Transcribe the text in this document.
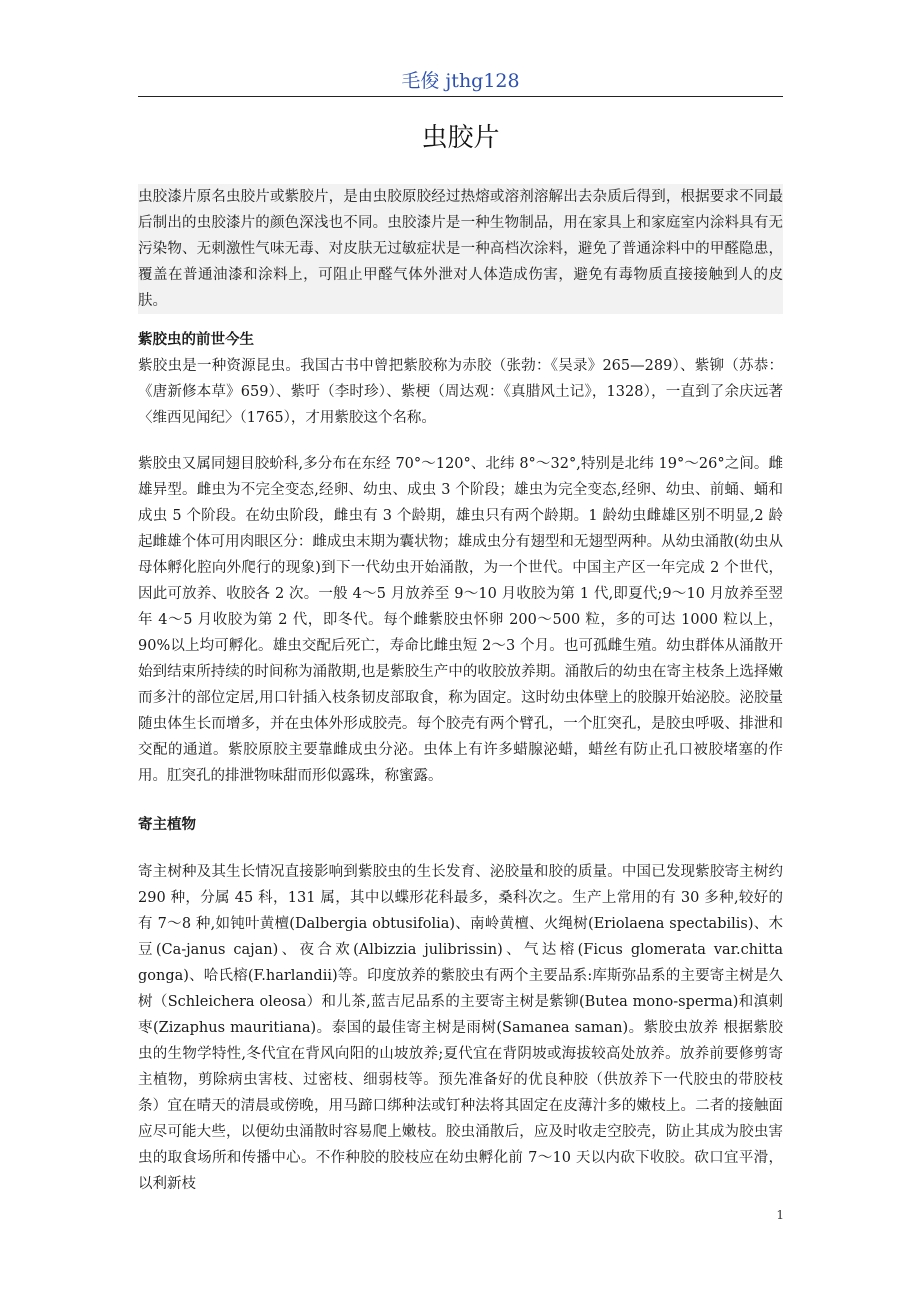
毛俊 jthg128
虫胶片

虫胶漆片原名虫胶片或紫胶片，是由虫胶原胶经过热熔或溶剂溶解出去杂质后得到，根据要求不同最后制出的虫胶漆片的颜色深浅也不同。虫胶漆片是一种生物制品，用在家具上和家庭室内涂料具有无污染物、无刺激性气味无毒、对皮肤无过敏症状是一种高档次涂料，避免了普通涂料中的甲醛隐患，覆盖在普通油漆和涂料上，可阻止甲醛气体外泄对人体造成伤害，避免有毒物质直接接触到人的皮肤。

紫胶虫的前世今生

紫胶虫是一种资源昆虫。我国古书中曾把紫胶称为赤胶（张勃：《吴录》265—289）、紫铆（苏恭：《唐新修本草》659）、紫吁（李时珍）、紫梗（周达观：《真腊风土记》，1328），一直到了余庆远著〈维西见闻纪〉（1765），才用紫胶这个名称。

紫胶虫又属同翅目胶蚧科,多分布在东经 70°～120°、北纬 8°～32°,特别是北纬 19°～26°之间。雌雄异型。雌虫为不完全变态,经卵、幼虫、成虫 3 个阶段；雄虫为完全变态,经卵、幼虫、前蛹、蛹和成虫 5 个阶段。在幼虫阶段，雌虫有 3 个龄期，雄虫只有两个龄期。1 龄幼虫雌雄区别不明显,2 龄起雌雄个体可用肉眼区分：雌成虫末期为囊状物；雄成虫分有翅型和无翅型两种。从幼虫涌散(幼虫从母体孵化腔向外爬行的现象)到下一代幼虫开始涌散，为一个世代。中国主产区一年完成 2 个世代，因此可放养、收胶各 2 次。一般 4～5 月放养至 9～10 月收胶为第 1 代,即夏代;9～10 月放养至翌年 4～5 月收胶为第 2 代，即冬代。每个雌紫胶虫怀卵 200～500 粒，多的可达 1000 粒以上，90%以上均可孵化。雄虫交配后死亡，寿命比雌虫短 2～3 个月。也可孤雌生殖。幼虫群体从涌散开始到结束所持续的时间称为涌散期,也是紫胶生产中的收胶放养期。涌散后的幼虫在寄主枝条上选择嫩而多汁的部位定居,用口针插入枝条韧皮部取食，称为固定。这时幼虫体壁上的胶腺开始泌胶。泌胶量随虫体生长而增多，并在虫体外形成胶壳。每个胶壳有两个臂孔，一个肛突孔，是胶虫呼吸、排泄和交配的通道。紫胶原胶主要靠雌成虫分泌。虫体上有许多蜡腺泌蜡，蜡丝有防止孔口被胶堵塞的作用。肛突孔的排泄物味甜而形似露珠，称蜜露。

寄主植物

寄主树种及其生长情况直接影响到紫胶虫的生长发育、泌胶量和胶的质量。中国已发现紫胶寄主树约 290 种，分属 45 科，131 属，其中以蝶形花科最多，桑科次之。生产上常用的有 30 多种,较好的有 7～8 种,如钝叶黄檀(Dalbergia obtusifolia)、南岭黄檀、火绳树(Eriolaena spectabilis)、木豆(Ca-janus cajan)、夜合欢(Albizzia julibrissin)、气达榕(Ficus glomerata var.chitta gonga)、哈氏榕(F.harlandii)等。印度放养的紫胶虫有两个主要品系:库斯弥品系的主要寄主树是久树（Schleichera oleosa）和儿茶,蓝吉尼品系的主要寄主树是紫铆(Butea mono-sperma)和滇刺枣(Zizaphus mauritiana)。泰国的最佳寄主树是雨树(Samanea saman)。紫胶虫放养 根据紫胶虫的生物学特性,冬代宜在背风向阳的山坡放养;夏代宜在背阴坡或海拔较高处放养。放养前要修剪寄主植物，剪除病虫害枝、过密枝、细弱枝等。预先准备好的优良种胶（供放养下一代胶虫的带胶枝条）宜在晴天的清晨或傍晚，用马蹄口绑种法或钉种法将其固定在皮薄汁多的嫩枝上。二者的接触面应尽可能大些，以便幼虫涌散时容易爬上嫩枝。胶虫涌散后，应及时收走空胶壳，防止其成为胶虫害虫的取食场所和传播中心。不作种胶的胶枝应在幼虫孵化前 7～10 天以内砍下收胶。砍口宜平滑，以利新枝

1
